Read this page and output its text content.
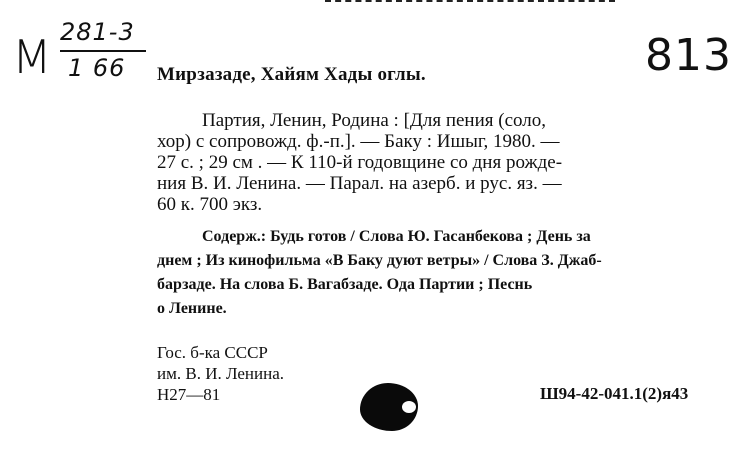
М 281-3
1 66	813
Мирзазаде, Хайям Хады оглы.
Партия, Ленин, Родина : [Для пения (соло,
хор) с сопровожд. ф.-п.]. — Баку : Ишыг, 1980. —
27 с. ; 29 см . — К 110-й годовщине со дня рожде-
ния В. И. Ленина. — Парал. на азерб. и рус. яз. —
60 к. 700 экз.
Содерж.: Будь готов / Слова Ю. Гасанбекова ; День за
днем ; Из кинофильма «В Баку дуют ветры» / Слова З. Джаб-
барзаде. На слова Б. Вагабзаде. Ода Партии ; Песнь
о Ленине.
Гос. б-ка СССР
им. В. И. Ленина.
Н27—81	Ш94-42-041.1(2)я43
